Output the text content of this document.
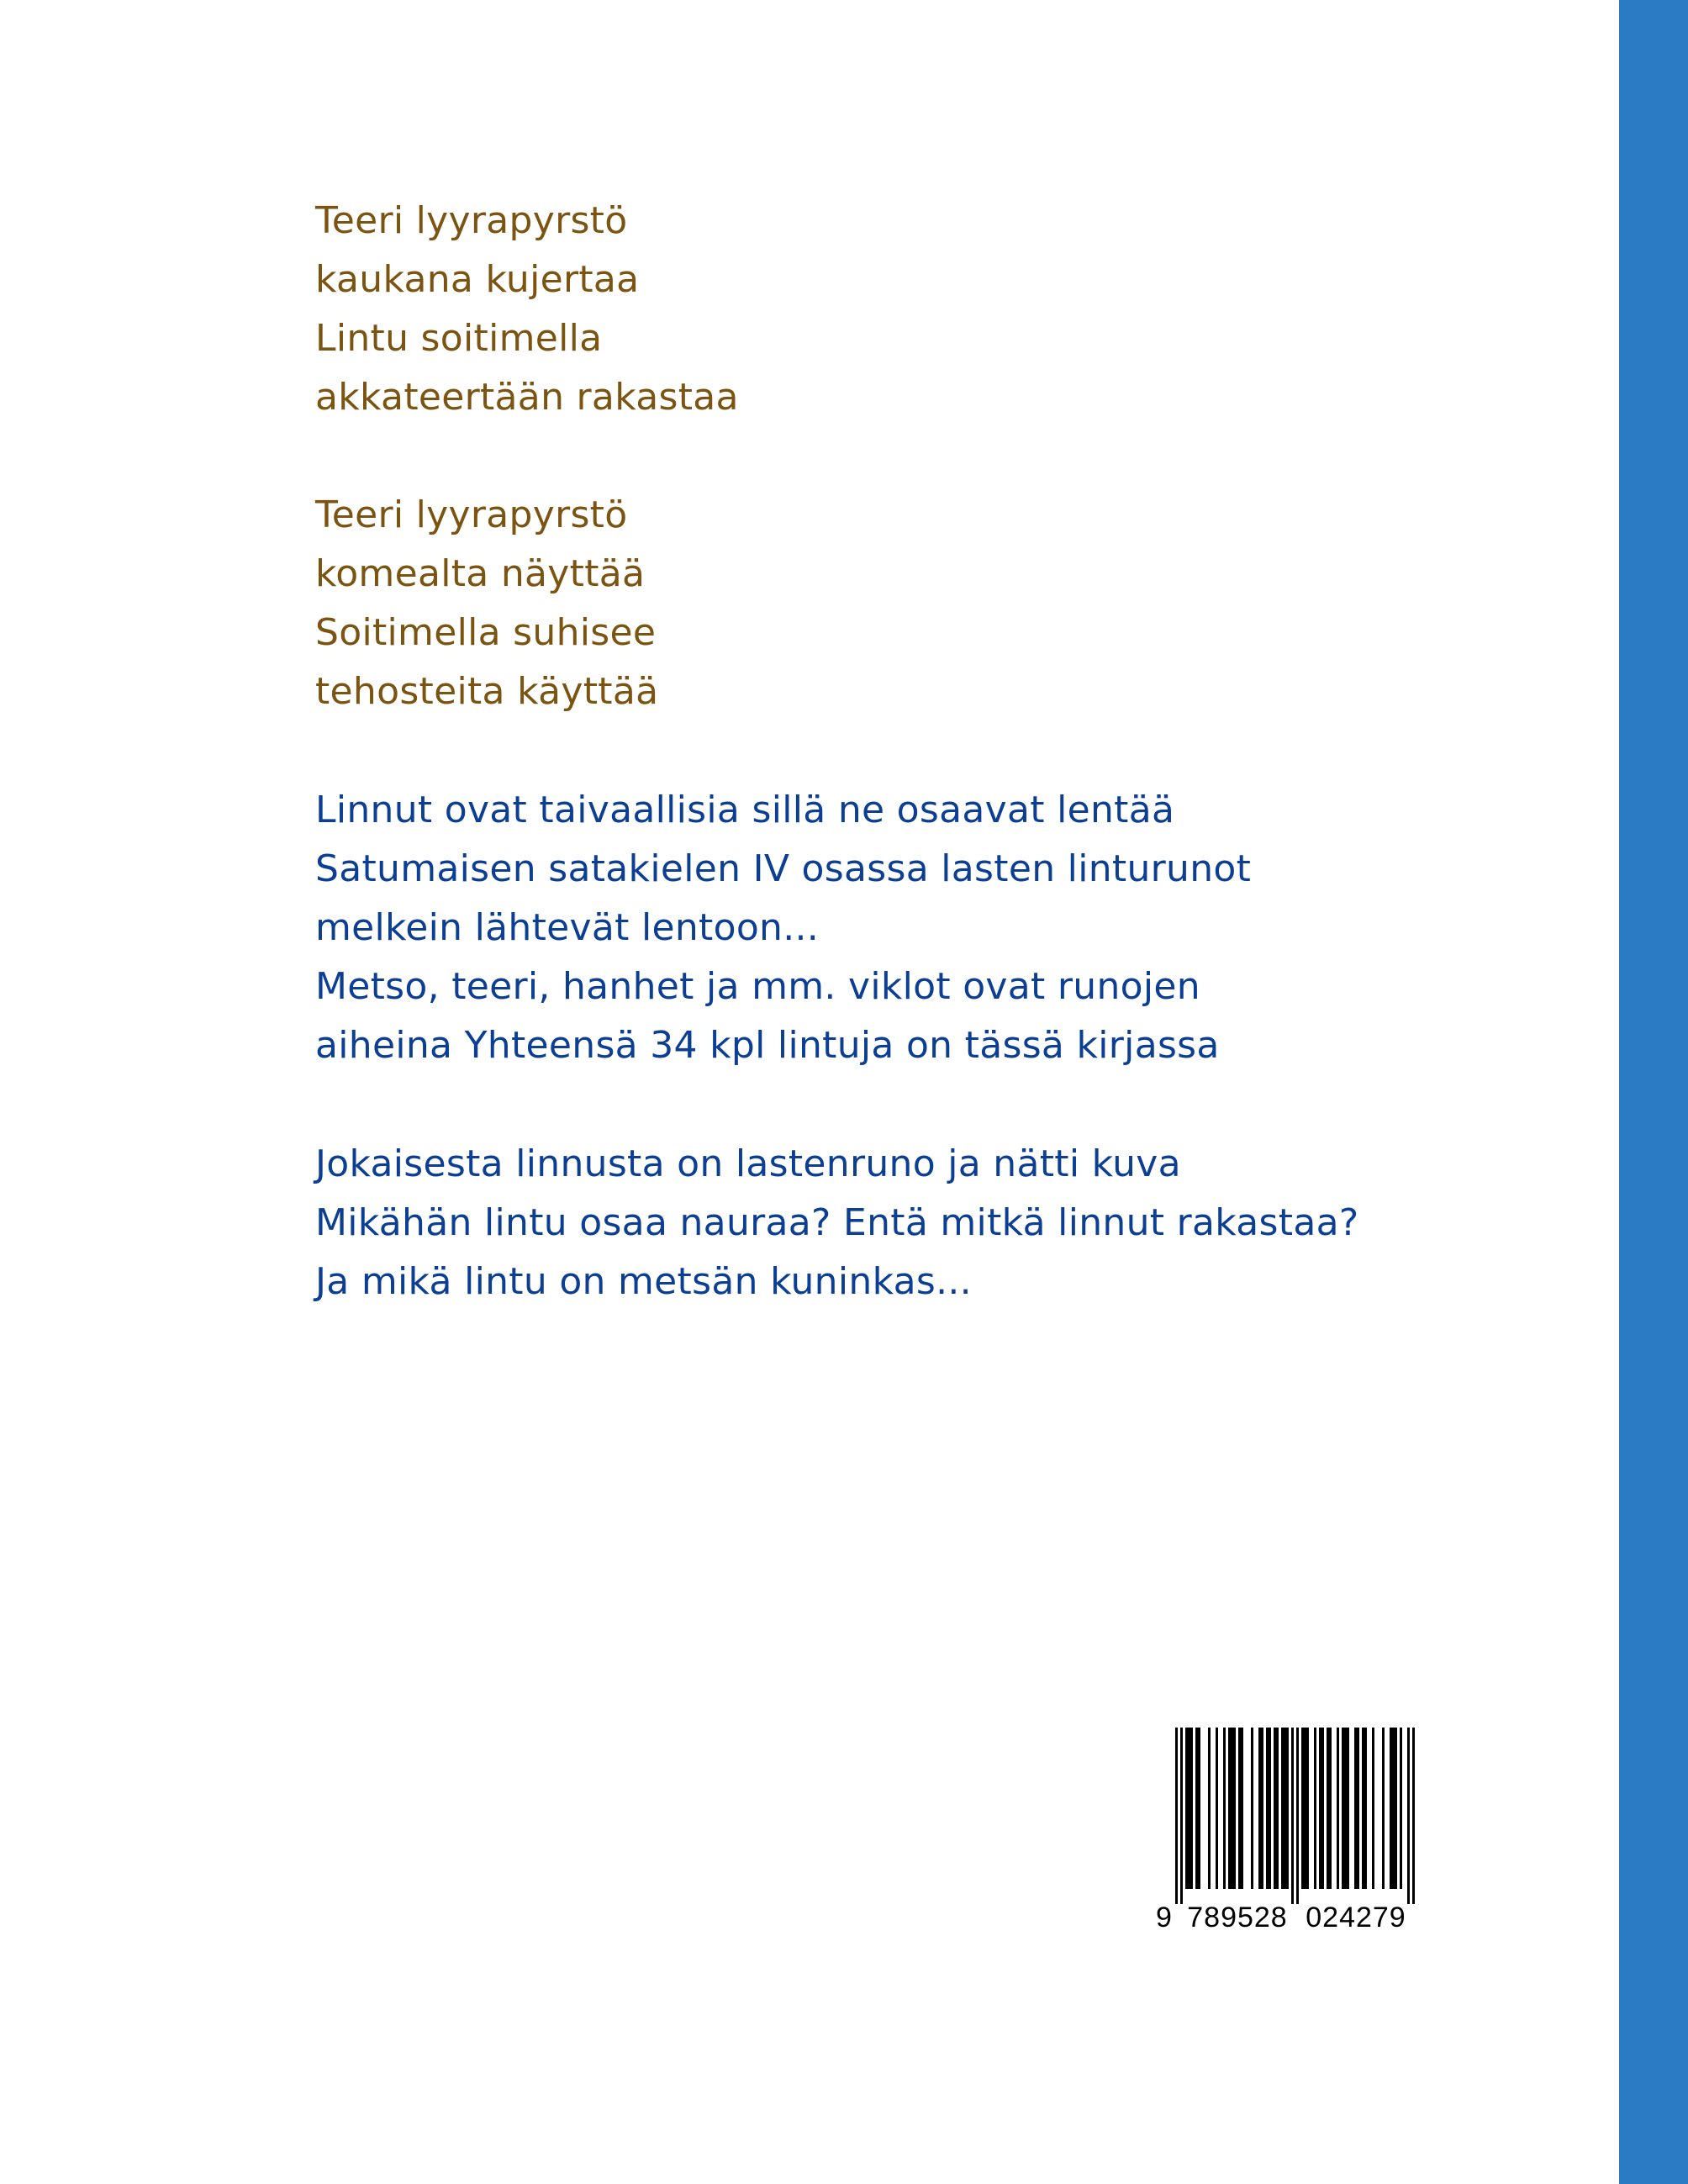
Teeri lyyrapyrstö
kaukana kujertaa
Lintu soitimella
akkateertään rakastaa
Teeri lyyrapyrstö
komealta näyttää
Soitimella suhisee
tehosteita käyttää
Linnut ovat taivaallisia sillä ne osaavat lentää
Satumaisen satakielen IV osassa lasten linturunot
melkein lähtevät lentoon...
Metso, teeri, hanhet ja mm. viklot ovat runojen
aiheina Yhteensä 34 kpl lintuja on tässä kirjassa
Jokaisesta linnusta on lastenruno ja nätti kuva
Mikähän lintu osaa nauraa? Entä mitkä linnut rakastaa?
Ja mikä lintu on metsän kuninkas...
9 789528 024279
